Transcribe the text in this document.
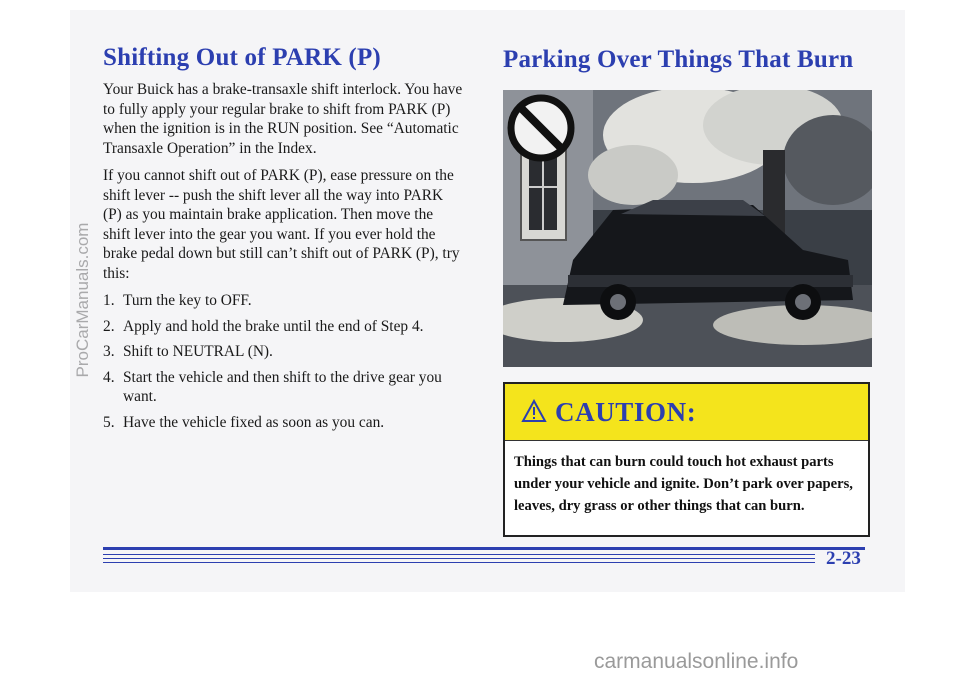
Shifting Out of PARK (P)	Parking Over Things That Burn

Your Buick has a brake-transaxle shift interlock. You have to fully apply your regular brake to shift from PARK (P) when the ignition is in the RUN position. See “Automatic Transaxle Operation” in the Index.

If you cannot shift out of PARK (P), ease pressure on the shift lever -- push the shift lever all the way into PARK (P) as you maintain brake application. Then move the shift lever into the gear you want. If you ever hold the brake pedal down but still can’t shift out of PARK (P), try this:

1. Turn the key to OFF.
2. Apply and hold the brake until the end of Step 4.
3. Shift to NEUTRAL (N).
4. Start the vehicle and then shift to the drive gear you want.
5. Have the vehicle fixed as soon as you can.	CAUTION:
Things that can burn could touch hot exhaust parts under your vehicle and ignite. Don’t park over papers, leaves, dry grass or other things that can burn.
2-23
ProCarManuals.com
carmanualsonline.info
